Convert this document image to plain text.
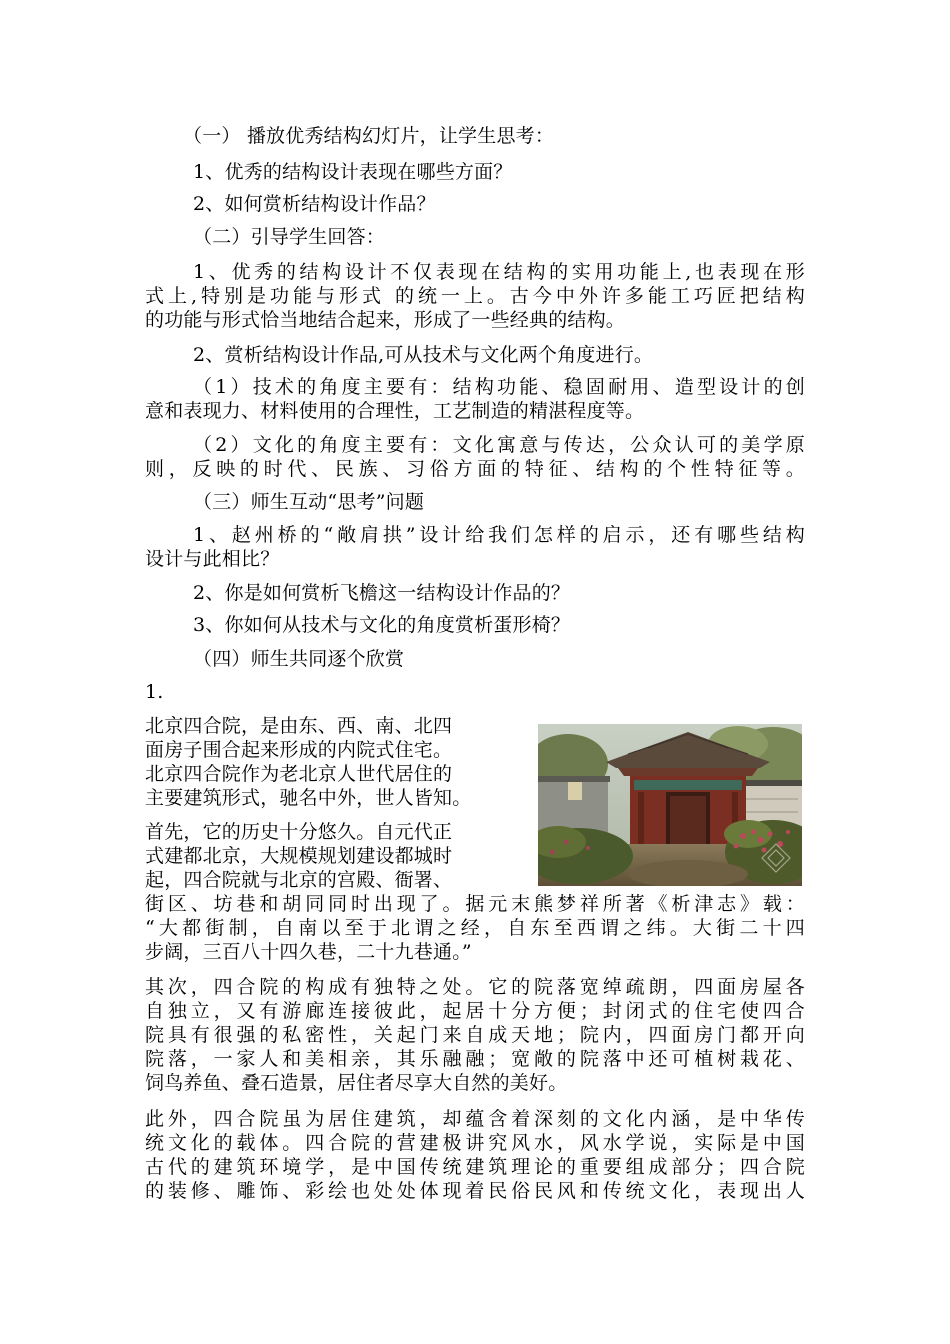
（一） 播放优秀结构幻灯片，让学生思考：

1、优秀的结构设计表现在哪些方面？

2、如何赏析结构设计作品？

（二）引导学生回答：

1、优秀的结构设计不仅表现在结构的实用功能上,也表现在形

式上,特别是功能与形式 的统一上。古今中外许多能工巧匠把结构

的功能与形式恰当地结合起来，形成了一些经典的结构。

2、赏析结构设计作品,可从技术与文化两个角度进行。

（1）技术的角度主要有：结构功能、稳固耐用、造型设计的创

意和表现力、材料使用的合理性，工艺制造的精湛程度等。

（2）文化的角度主要有：文化寓意与传达，公众认可的美学原

则，反映的时代、民族、习俗方面的特征、结构的个性特征等。

（三）师生互动“思考”问题

1、赵州桥的“敞肩拱”设计给我们怎样的启示，还有哪些结构

设计与此相比？

2、你是如何赏析飞檐这一结构设计作品的？

3、你如何从技术与文化的角度赏析蛋形椅？

（四）师生共同逐个欣赏

1.

北京四合院，是由东、西、南、北四

面房子围合起来形成的内院式住宅。

北京四合院作为老北京人世代居住的

主要建筑形式，驰名中外，世人皆知。

首先，它的历史十分悠久。自元代正

式建都北京，大规模规划建设都城时

起，四合院就与北京的宫殿、衙署、

街区、坊巷和胡同同时出现了。据元末熊梦祥所著《析津志》载：

“大都街制，自南以至于北谓之经，自东至西谓之纬。大街二十四

步阔，三百八十四久巷，二十九巷通。”

其次，四合院的构成有独特之处。它的院落宽绰疏朗，四面房屋各

自独立，又有游廊连接彼此，起居十分方便；封闭式的住宅使四合

院具有很强的私密性，关起门来自成天地；院内，四面房门都开向

院落，一家人和美相亲，其乐融融；宽敞的院落中还可植树栽花、

饲鸟养鱼、叠石造景，居住者尽享大自然的美好。

此外，四合院虽为居住建筑，却蕴含着深刻的文化内涵，是中华传

统文化的载体。四合院的营建极讲究风水，风水学说，实际是中国

古代的建筑环境学，是中国传统建筑理论的重要组成部分；四合院

的装修、雕饰、彩绘也处处体现着民俗民风和传统文化，表现出人
